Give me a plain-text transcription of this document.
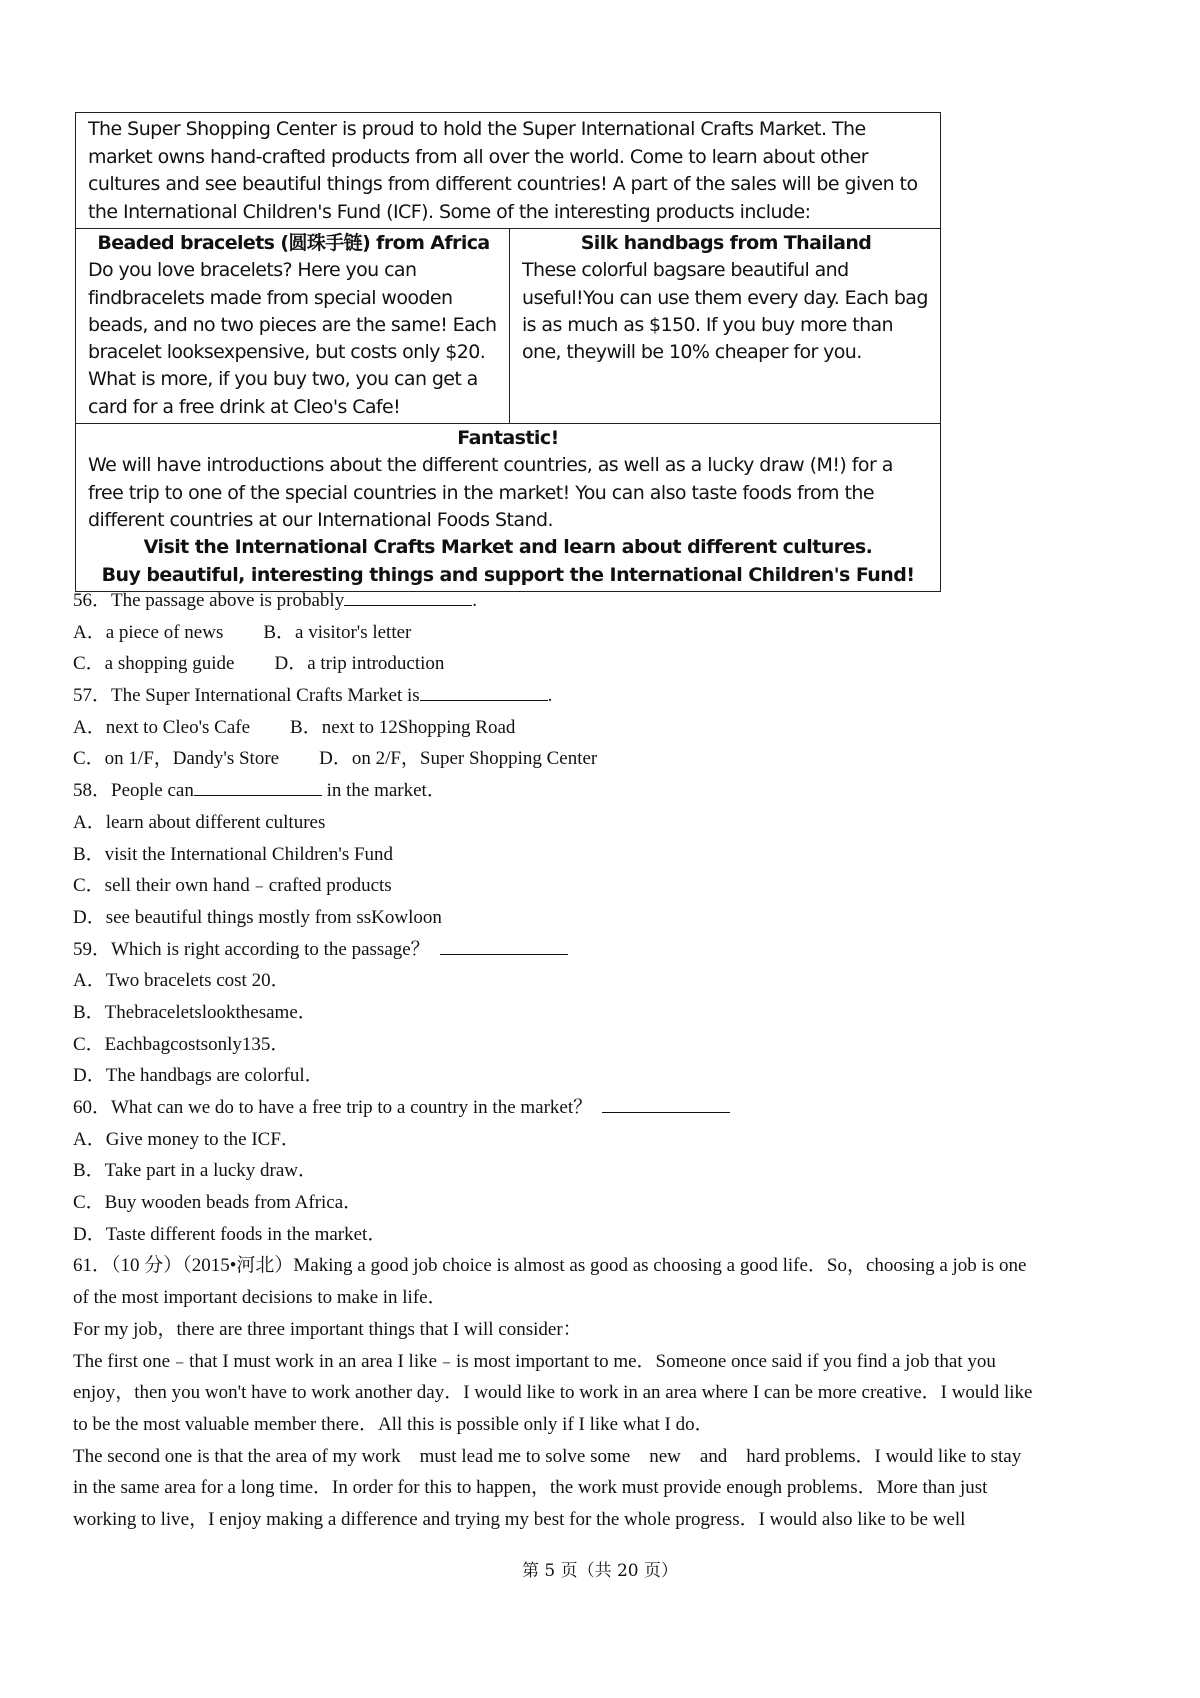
The Super Shopping Center is proud to hold the Super International Crafts Market. The market owns hand-crafted products from all over the world. Come to learn about other cultures and see beautiful things from different countries! A part of the sales will be given to the International Children's Fund (ICF). Some of the interesting products include:
Beaded bracelets (圆珠手链) from Africa
Do you love bracelets? Here you can findbracelets made from special wooden beads, and no two pieces are the same! Each bracelet looksexpensive, but costs only $20. What is more, if you buy two, you can get a card for a free drink at Cleo's Cafe!
Silk handbags from Thailand
These colorful bagsare beautiful and useful!You can use them every day. Each bag is as much as $150. If you buy more than one, theywill be 10% cheaper for you.
Fantastic!
We will have introductions about the different countries, as well as a lucky draw (M!) for a free trip to one of the special countries in the market! You can also taste foods from the different countries at our International Foods Stand.
Visit the International Crafts Market and learn about different cultures.
Buy beautiful, interesting things and support the International Children's Fund!
56．The passage above is probably	.
A．a piece of news B．a visitor's letter
C．a shopping guide D．a trip introduction
57．The Super International Crafts Market is	.
A．next to Cleo's Cafe B．next to 12Shopping Road
C．on 1/F，Dandy's Store D．on 2/F，Super Shopping Center
58．People can	in the market．
A．learn about different cultures
B．visit the International Children's Fund
C．sell their own hand﹣crafted products
D．see beautiful things mostly from ssKowloon
59．Which is right according to the passage？
A．Two bracelets cost 20．
B．Thebraceletslookthesame．
C．Eachbagcostsonly135．
D．The handbags are colorful．
60．What can we do to have a free trip to a country in the market？
A．Give money to the ICF．
B．Take part in a lucky draw．
C．Buy wooden beads from Africa．
D．Taste different foods in the market．
61．（10 分）（2015•河北）Making a good job choice is almost as good as choosing a good life．So，choosing a job is one
of the most important decisions to make in life．
For my job，there are three important things that I will consider：
The first one﹣that I must work in an area I like﹣is most important to me．Someone once said if you find a job that you
enjoy，then you won't have to work another day．I would like to work in an area where I can be more creative．I would like
to be the most valuable member there．All this is possible only if I like what I do．
The second one is that the area of my work    must lead me to solve some    new    and    hard problems．I would like to stay
in the same area for a long time．In order for this to happen，the work must provide enough problems．More than just
working to live，I enjoy making a difference and trying my best for the whole progress．I would also like to be well
第 5 页（共 20 页）
